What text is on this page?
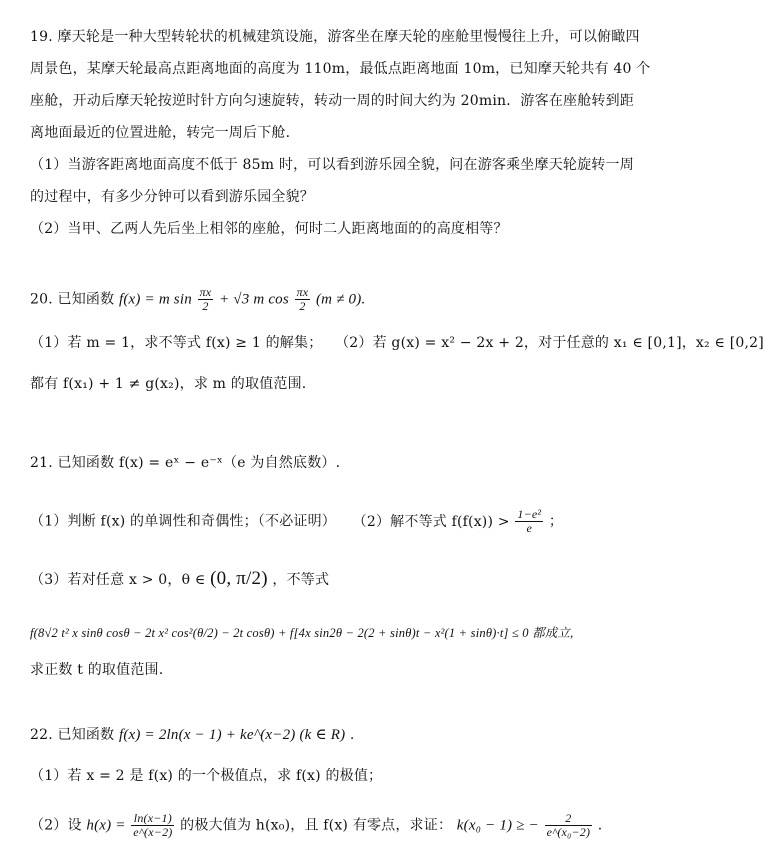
19. 摩天轮是一种大型转轮状的机械建筑设施，游客坐在摩天轮的座舱里慢慢往上升，可以俯瞰四
周景色，某摩天轮最高点距离地面的高度为 110m，最低点距离地面 10m，已知摩天轮共有 40 个
座舱，开动后摩天轮按逆时针方向匀速旋转，转动一周的时间大约为 20min．游客在座舱转到距
离地面最近的位置进舱，转完一周后下舱．
（1）当游客距离地面高度不低于 85m 时，可以看到游乐园全貌，问在游客乘坐摩天轮旋转一周
的过程中，有多少分钟可以看到游乐园全貌？
（2）当甲、乙两人先后坐上相邻的座舱，何时二人距离地面的的高度相等？
20. 已知函数 f(x) = m $\sin \frac{\pi x}{2} + √3$ m $\cos \frac{\pi x}{2} (m \ne 0)$.
（1）若 m = 1，求不等式 f(x) ≥ 1 的解集； （2）若 g(x) = x² − 2x + 2，对于任意的 x₁ ∈ [0,1]，x₂ ∈ [0,2]
都有 f(x₁) + 1 ≠ g(x₂)，求 m 的取值范围.
21. 已知函数 f(x) = eˣ − e⁻ˣ（e 为自然底数）.
（1）判断 f(x) 的单调性和奇偶性；（不必证明） （2）解不等式 $f(f(x)) > \frac{\text{1−e²}}{e}$ ；
（3）若对任意 x > 0，θ ∈ (0, π/2) ，不等式
f(8√2 t² x sinθ cosθ − 2t x² cos²(θ/2) − 2t cosθ) + f[4x sin2θ − 2(2 + sinθ)t − x²(1 + sinθ)·t] ≤ 0 都成立,
求正数 t 的取值范围.
22. 已知函数 f(x) = 2ln(x − 1) + ke^(x−2) (k ∈ R) .
（1）若 x = 2 是 f(x) 的一个极值点，求 f(x) 的极值；
（2）设 $h(x) = \frac{\ln(x-1)}{e\^{}(x-2)}$ 的极大值为 h(x₀)，且 f(x) 有零点，求证： k(x₀ − 1) ≥ − $\frac{2}{\text{e\textasciicircum{}(x₀−2)}}$ .
